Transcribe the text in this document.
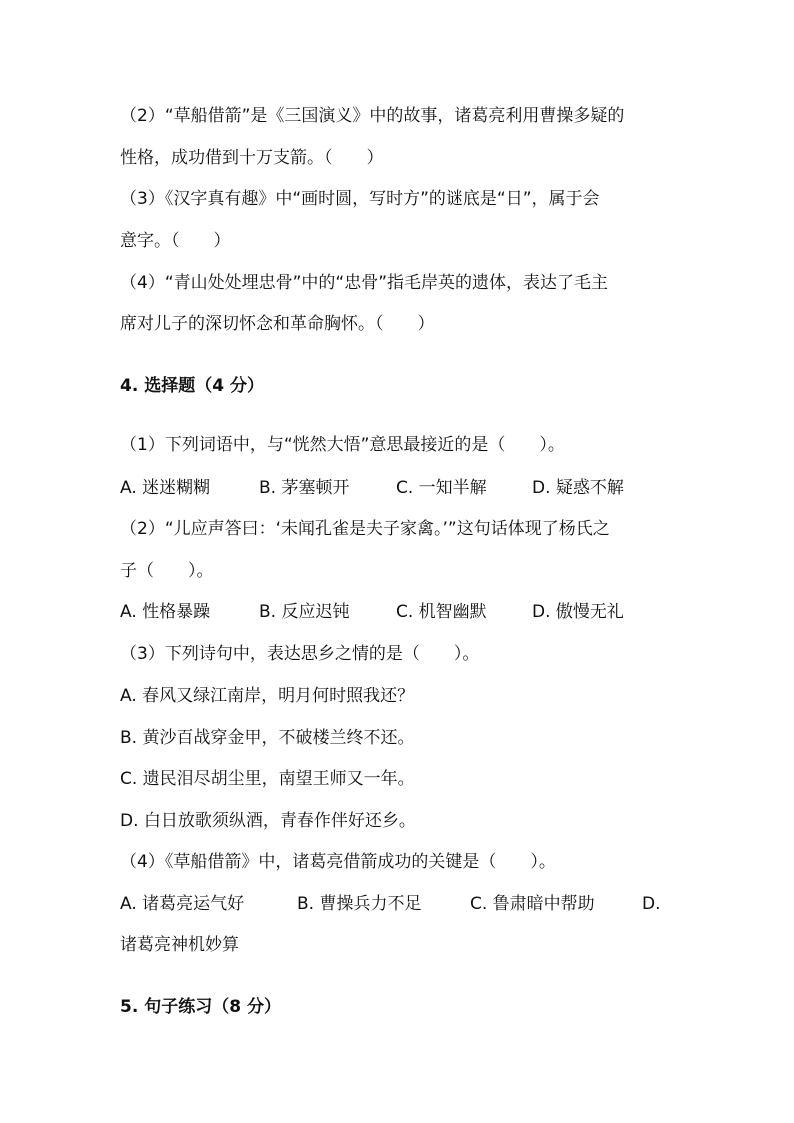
（2）“草船借箭”是《三国演义》中的故事，诸葛亮利用曹操多疑的
性格，成功借到十万支箭。（　　）
（3）《汉字真有趣》中“画时圆，写时方”的谜底是“日”，属于会
意字。（　　）
（4）“青山处处埋忠骨”中的“忠骨”指毛岸英的遗体，表达了毛主
席对儿子的深切怀念和革命胸怀。（　　）
4. 选择题（4 分）
（1）下列词语中，与“恍然大悟”意思最接近的是（　　）。
A. 迷迷糊糊	B. 茅塞顿开	C. 一知半解	D. 疑惑不解
（2）“儿应声答曰：‘未闻孔雀是夫子家禽。’”这句话体现了杨氏之
子（　　）。
A. 性格暴躁	B. 反应迟钝	C. 机智幽默	D. 傲慢无礼
（3）下列诗句中，表达思乡之情的是（　　）。
A. 春风又绿江南岸，明月何时照我还？
B. 黄沙百战穿金甲，不破楼兰终不还。
C. 遗民泪尽胡尘里，南望王师又一年。
D. 白日放歌须纵酒，青春作伴好还乡。
（4）《草船借箭》中，诸葛亮借箭成功的关键是（　　）。
A. 诸葛亮运气好	B. 曹操兵力不足	C. 鲁肃暗中帮助	D.
诸葛亮神机妙算
5. 句子练习（8 分）
